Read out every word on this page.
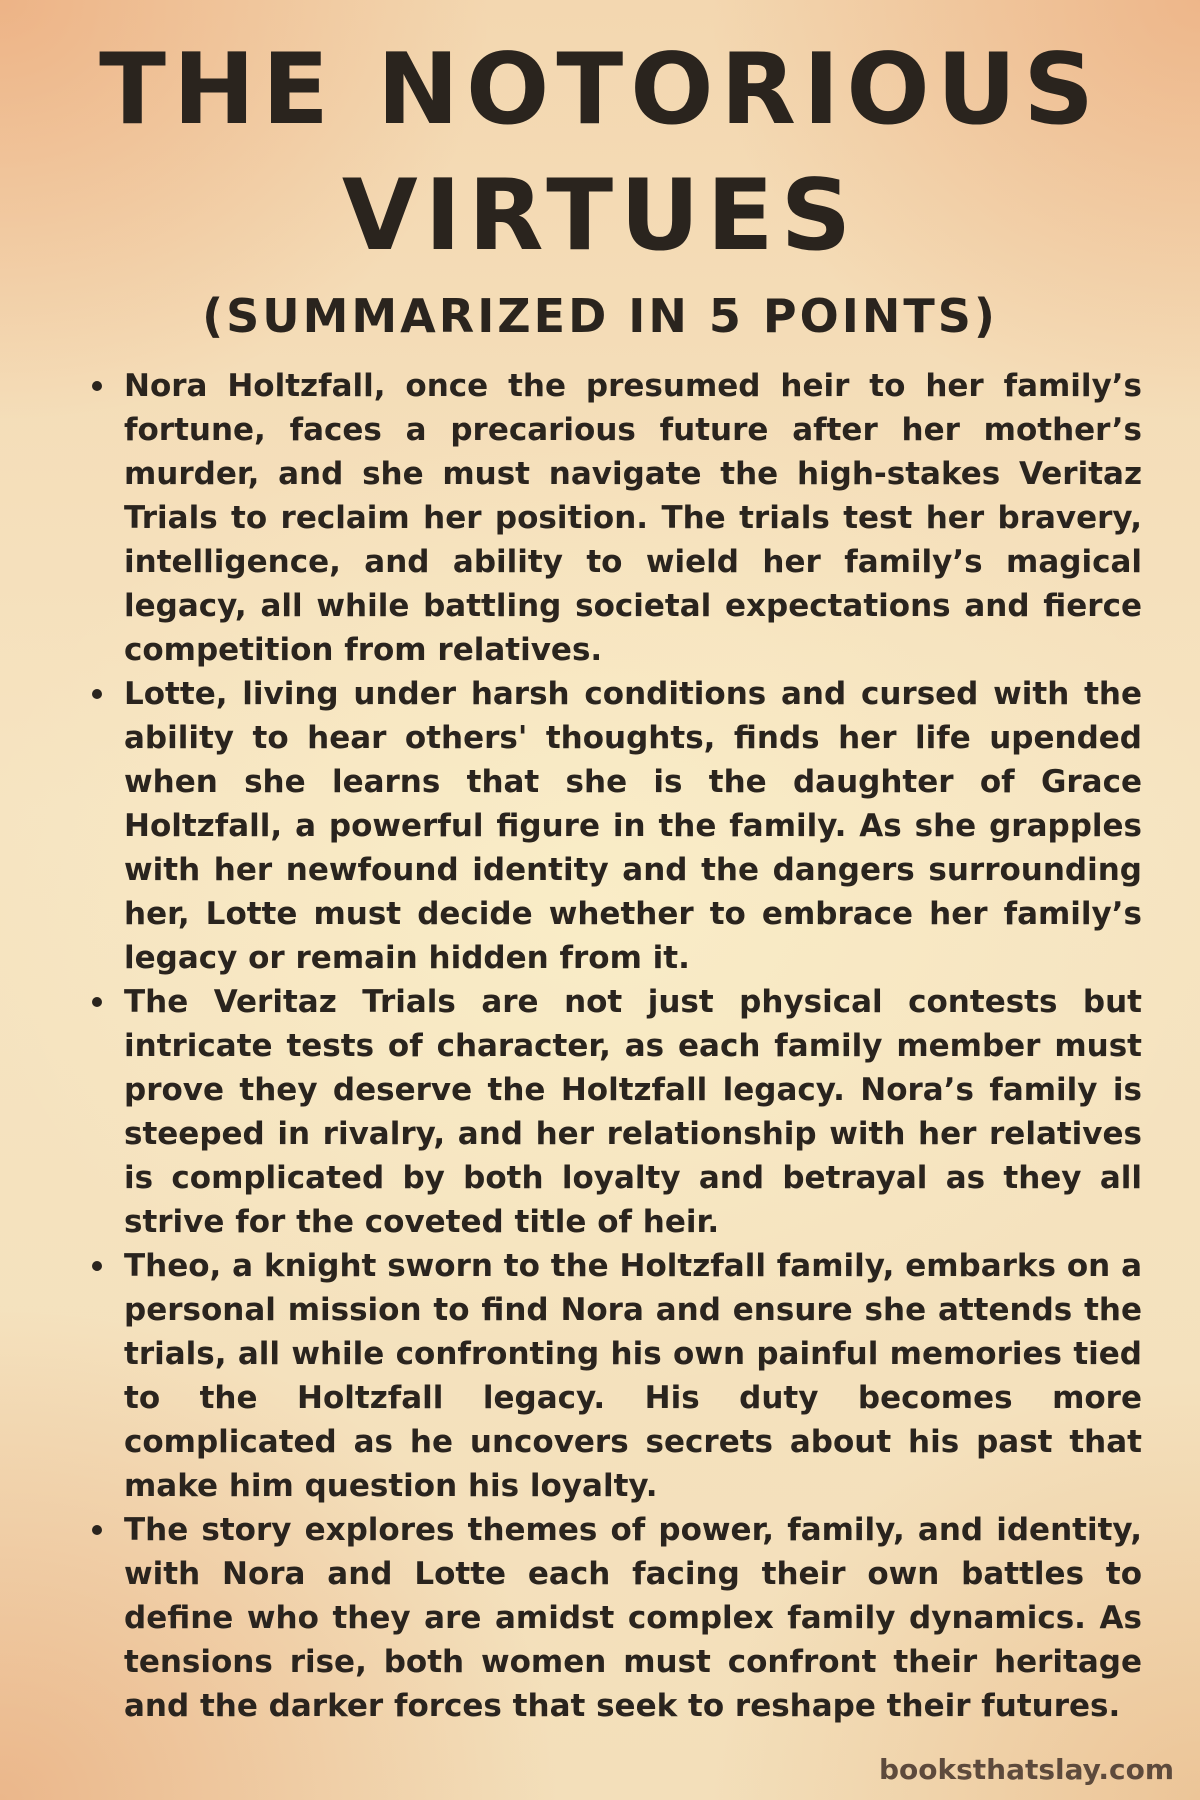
THE NOTORIOUS
VIRTUES
(SUMMARIZED IN 5 POINTS)
Nora Holtzfall, once the presumed heir to her family’s fortune, faces a precarious future after her mother’s murder, and she must navigate the high-stakes Veritaz Trials to reclaim her position. The trials test her bravery, intelligence, and ability to wield her family’s magical legacy, all while battling societal expectations and fierce competition from relatives.
Lotte, living under harsh conditions and cursed with the ability to hear others' thoughts, finds her life upended when she learns that she is the daughter of Grace Holtzfall, a powerful figure in the family. As she grapples with her newfound identity and the dangers surrounding her, Lotte must decide whether to embrace her family’s legacy or remain hidden from it.
The Veritaz Trials are not just physical contests but intricate tests of character, as each family member must prove they deserve the Holtzfall legacy. Nora’s family is steeped in rivalry, and her relationship with her relatives is complicated by both loyalty and betrayal as they all strive for the coveted title of heir.
Theo, a knight sworn to the Holtzfall family, embarks on a personal mission to find Nora and ensure she attends the trials, all while confronting his own painful memories tied to the Holtzfall legacy. His duty becomes more complicated as he uncovers secrets about his past that make him question his loyalty.
The story explores themes of power, family, and identity, with Nora and Lotte each facing their own battles to define who they are amidst complex family dynamics. As tensions rise, both women must confront their heritage and the darker forces that seek to reshape their futures.

booksthatslay.com
